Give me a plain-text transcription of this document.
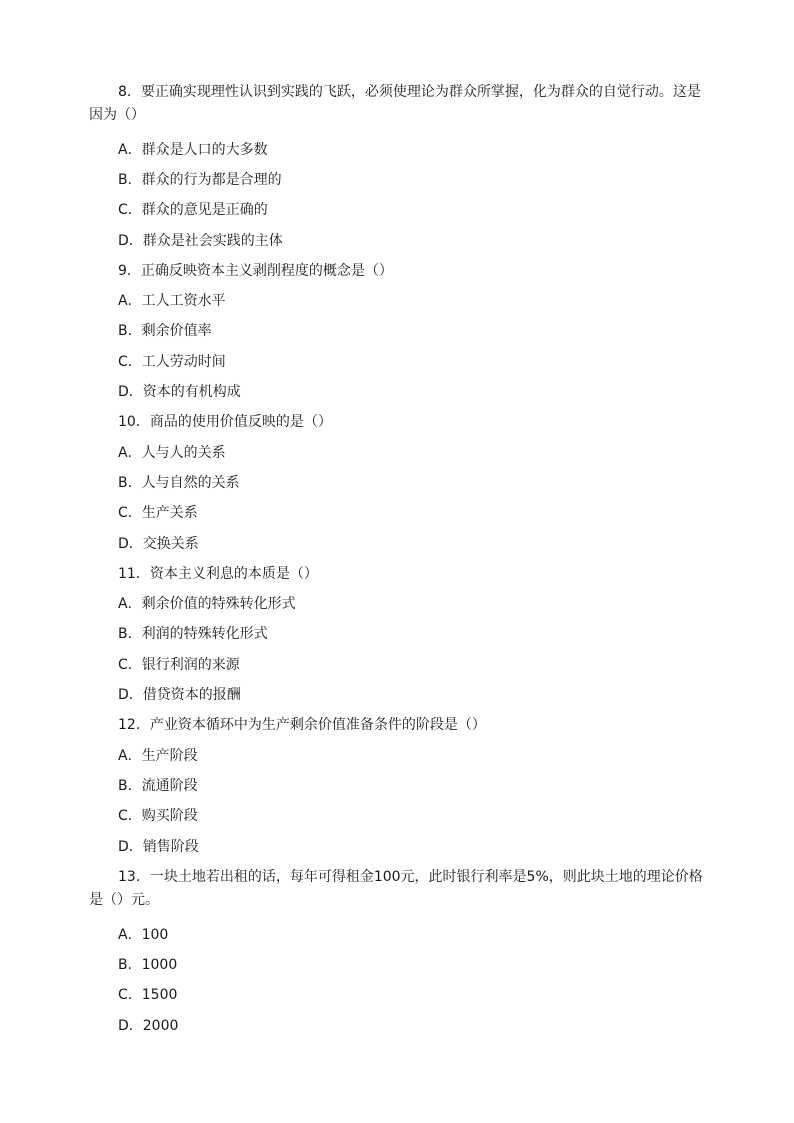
8．要正确实现理性认识到实践的飞跃，必须使理论为群众所掌握，化为群众的自觉行动。这是因为（）
A．群众是人口的大多数
B．群众的行为都是合理的
C．群众的意见是正确的
D．群众是社会实践的主体
9．正确反映资本主义剥削程度的概念是（）
A．工人工资水平
B．剩余价值率
C．工人劳动时间
D．资本的有机构成
10．商品的使用价值反映的是（）
A．人与人的关系
B．人与自然的关系
C．生产关系
D．交换关系
11．资本主义利息的本质是（）
A．剩余价值的特殊转化形式
B．利润的特殊转化形式
C．银行利润的来源
D．借贷资本的报酬
12．产业资本循环中为生产剩余价值准备条件的阶段是（）
A．生产阶段
B．流通阶段
C．购买阶段
D．销售阶段
13．一块土地若出租的话，每年可得租金100元，此时银行利率是5%，则此块土地的理论价格是（）元。
A．100
B．1000
C．1500
D．2000
